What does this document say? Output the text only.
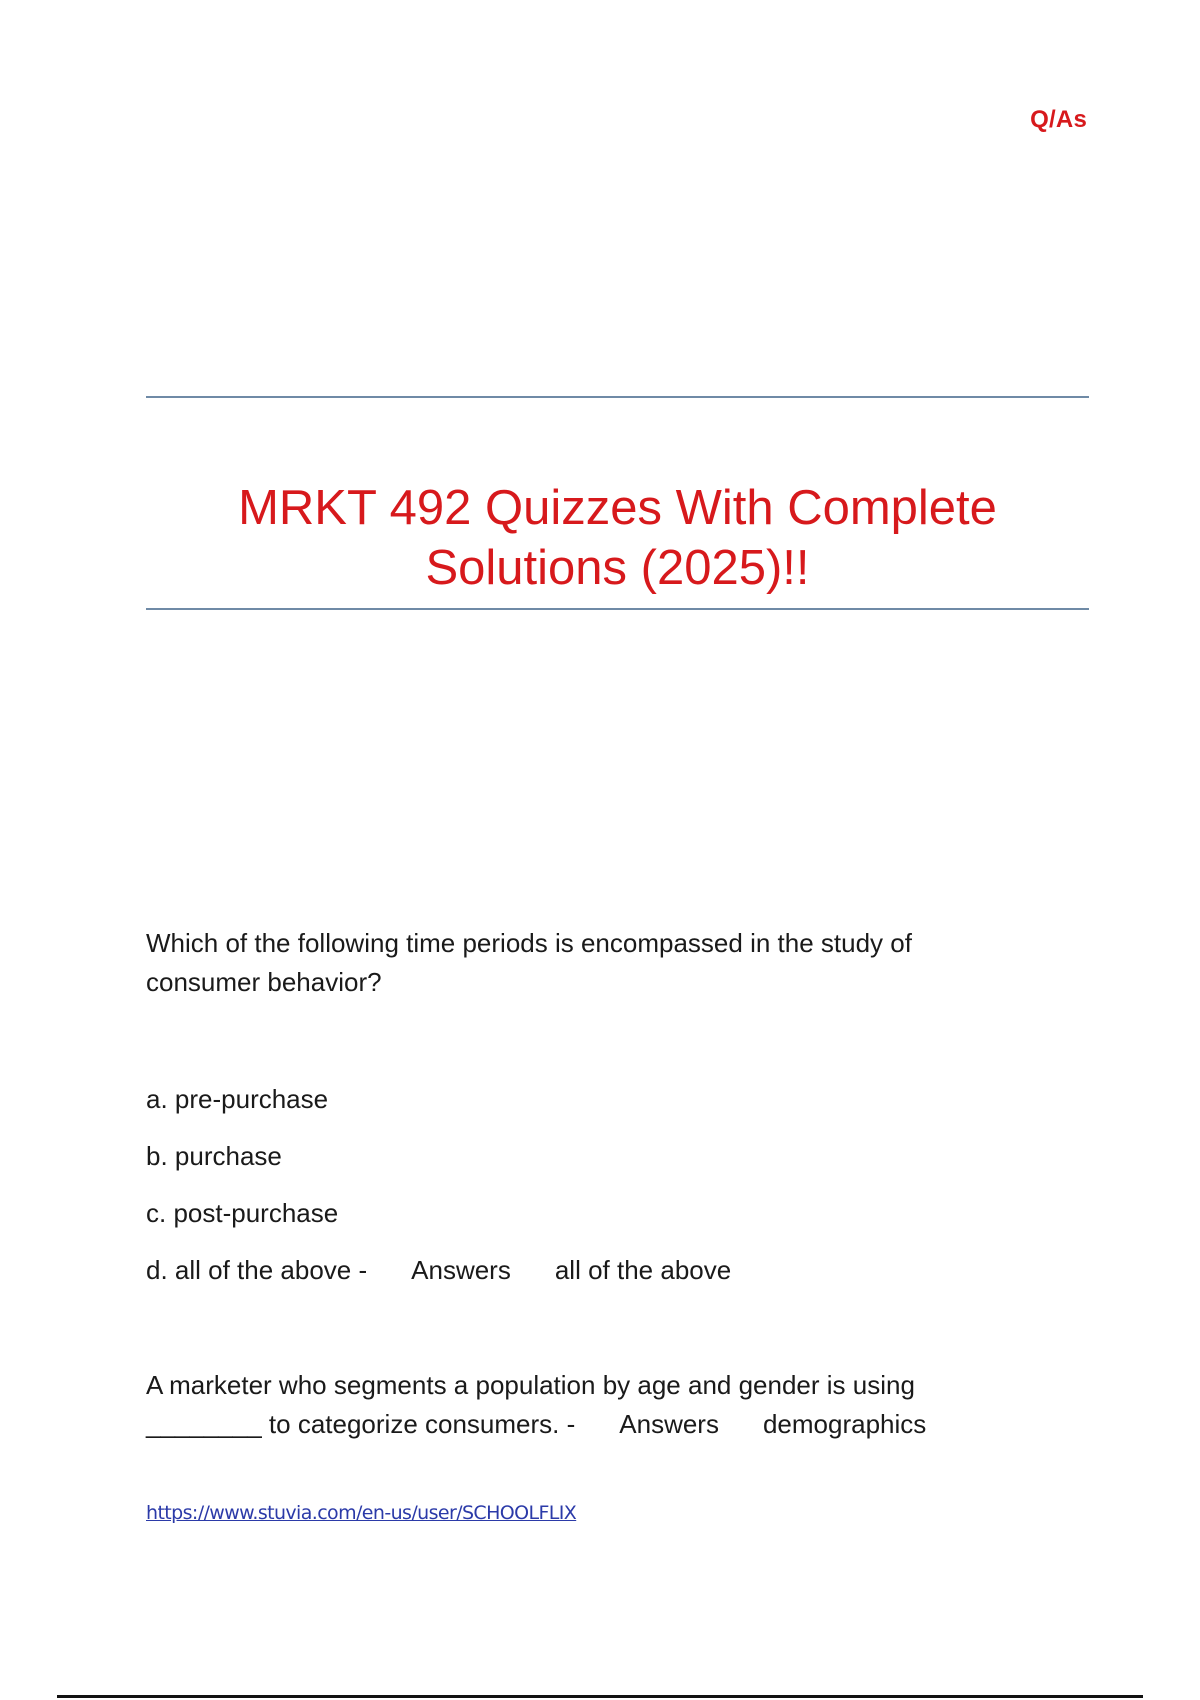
Q/As
MRKT 492 Quizzes With Complete
Solutions (2025)!!
Which of the following time periods is encompassed in the study of
consumer behavior?
a. pre-purchase
b. purchase
c. post-purchase
d. all of the above - Answers all of the above
A marketer who segments a population by age and gender is using
________ to categorize consumers. - Answers demographics
https://www.stuvia.com/en-us/user/SCHOOLFLIX
